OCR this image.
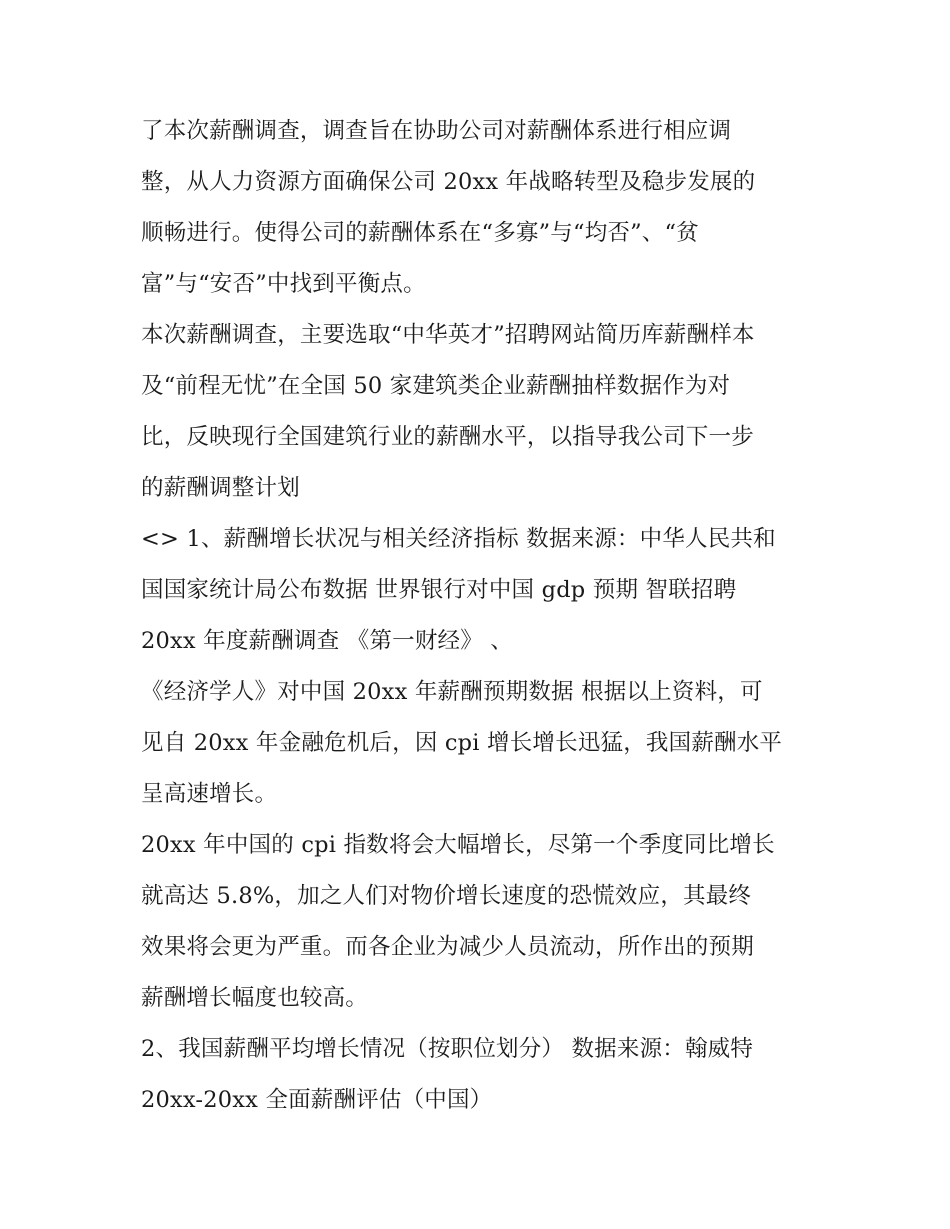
了本次薪酬调查，调查旨在协助公司对薪酬体系进行相应调
整，从人力资源方面确保公司 20xx 年战略转型及稳步发展的
顺畅进行。使得公司的薪酬体系在“多寡”与“均否”、“贫
富”与“安否”中找到平衡点。
本次薪酬调查，主要选取“中华英才”招聘网站简历库薪酬样本
及“前程无忧”在全国 50 家建筑类企业薪酬抽样数据作为对
比，反映现行全国建筑行业的薪酬水平，以指导我公司下一步
的薪酬调整计划
<> 1、薪酬增长状况与相关经济指标 数据来源：中华人民共和
国国家统计局公布数据 世界银行对中国 gdp 预期 智联招聘
20xx 年度薪酬调查 《第一财经》 、
《经济学人》对中国 20xx 年薪酬预期数据 根据以上资料，可
见自 20xx 年金融危机后，因 cpi 增长增长迅猛，我国薪酬水平
呈高速增长。
20xx 年中国的 cpi 指数将会大幅增长，尽第一个季度同比增长
就高达 5.8%，加之人们对物价增长速度的恐慌效应，其最终
效果将会更为严重。而各企业为减少人员流动，所作出的预期
薪酬增长幅度也较高。
2、我国薪酬平均增长情况（按职位划分） 数据来源：翰威特
20xx-20xx 全面薪酬评估（中国）
